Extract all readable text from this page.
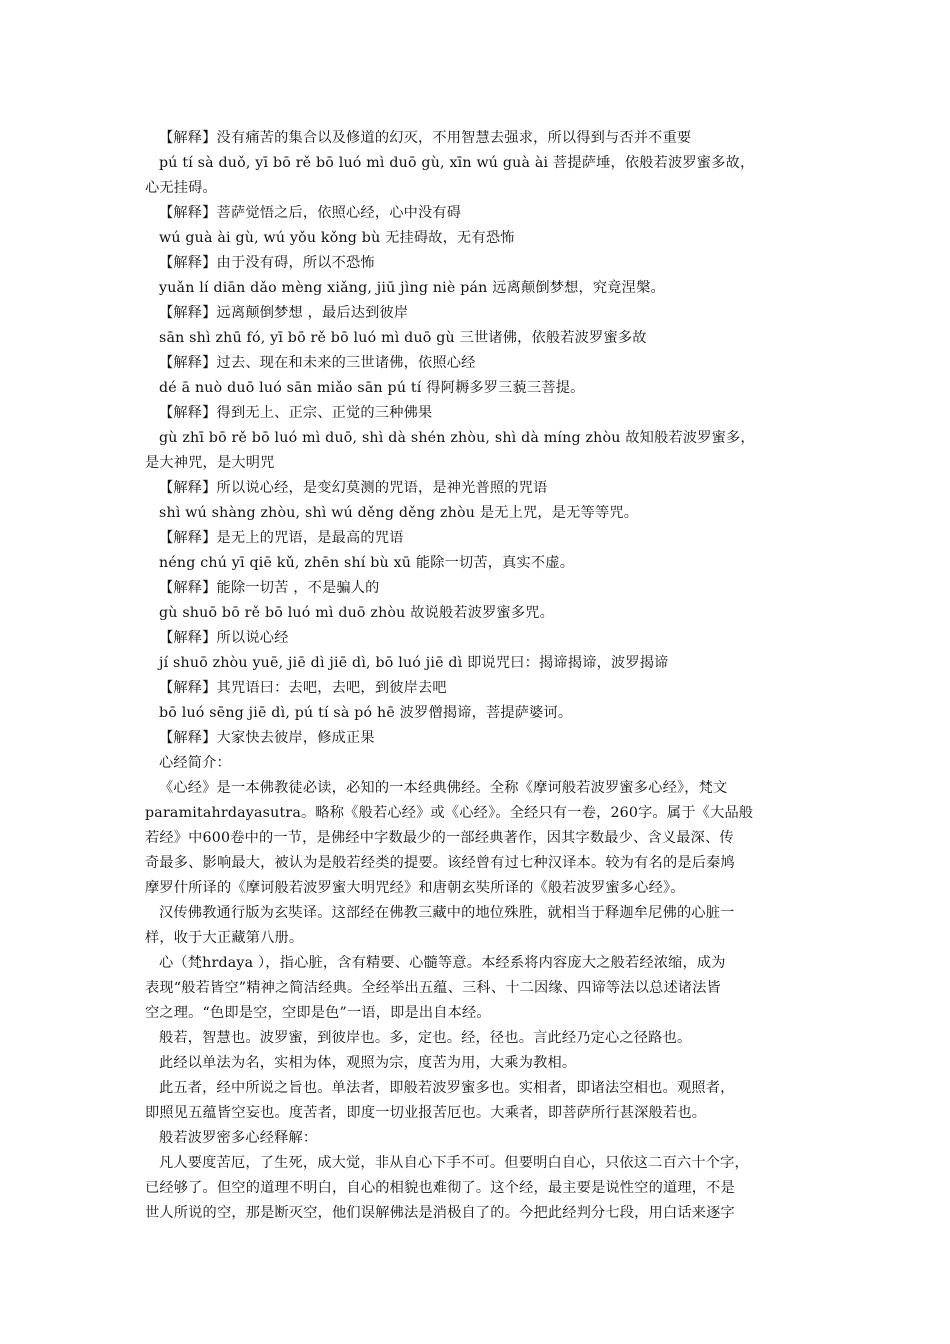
【解释】没有痛苦的集合以及修道的幻灭，不用智慧去强求，所以得到与否并不重要
pú tí sà duǒ, yī bō rě bō luó mì duō gù, xīn wú guà ài 菩提萨埵，依般若波罗蜜多故，
心无挂碍。
【解释】菩萨觉悟之后，依照心经，心中没有碍
wú guà ài gù, wú yǒu kǒng bù 无挂碍故，无有恐怖
【解释】由于没有碍，所以不恐怖
yuǎn lí diān dǎo mèng xiǎng, jiū jìng niè pán 远离颠倒梦想，究竟涅槃。
【解释】远离颠倒梦想 ，最后达到彼岸
sān shì zhū fó, yī bō rě bō luó mì duō gù 三世诸佛，依般若波罗蜜多故
【解释】过去、现在和未来的三世诸佛，依照心经
dé ā nuò duō luó sān miǎo sān pú tí 得阿耨多罗三藐三菩提。
【解释】得到无上、正宗、正觉的三种佛果
gù zhī bō rě bō luó mì duō, shì dà shén zhòu, shì dà míng zhòu 故知般若波罗蜜多，
是大神咒，是大明咒
【解释】所以说心经，是变幻莫测的咒语，是神光普照的咒语
shì wú shàng zhòu, shì wú děng děng zhòu 是无上咒，是无等等咒。
【解释】是无上的咒语，是最高的咒语
néng chú yī qiē kǔ, zhēn shí bù xū 能除一切苦，真实不虚。
【解释】能除一切苦 ，不是骗人的
gù shuō bō rě bō luó mì duō zhòu 故说般若波罗蜜多咒。
【解释】所以说心经
jí shuō zhòu yuē, jiē dì jiē dì, bō luó jiē dì 即说咒曰：揭谛揭谛，波罗揭谛
【解释】其咒语曰：去吧，去吧，到彼岸去吧
bō luó sēng jiē dì, pú tí sà pó hē 波罗僧揭谛，菩提萨婆诃。
【解释】大家快去彼岸，修成正果
心经简介：
《心经》是一本佛教徒必读，必知的一本经典佛经。全称《摩诃般若波罗蜜多心经》，梵文
paramitahrdayasutra。略称《般若心经》或《心经》。全经只有一卷，260字。属于《大品般
若经》中600卷中的一节，是佛经中字数最少的一部经典著作，因其字数最少、含义最深、传
奇最多、影响最大，被认为是般若经类的提要。该经曾有过七种汉译本。较为有名的是后秦鸠
摩罗什所译的《摩诃般若波罗蜜大明咒经》和唐朝玄奘所译的《般若波罗蜜多心经》。
汉传佛教通行版为玄奘译。这部经在佛教三藏中的地位殊胜，就相当于释迦牟尼佛的心脏一
样，收于大正藏第八册。
心（梵hrdaya ），指心脏，含有精要、心髓等意。本经系将内容庞大之般若经浓缩，成为
表现“般若皆空”精神之简洁经典。全经举出五蕴、三科、十二因缘、四谛等法以总述诸法皆
空之理。“色即是空，空即是色”一语，即是出自本经。
般若，智慧也。波罗蜜，到彼岸也。多，定也。经，径也。言此经乃定心之径路也。
此经以单法为名，实相为体，观照为宗，度苦为用，大乘为教相。
此五者，经中所说之旨也。单法者，即般若波罗蜜多也。实相者，即诸法空相也。观照者，
即照见五蕴皆空妄也。度苦者，即度一切业报苦厄也。大乘者，即菩萨所行甚深般若也。
般若波罗密多心经释解：
凡人要度苦厄，了生死，成大觉，非从自心下手不可。但要明白自心，只依这二百六十个字，
已经够了。但空的道理不明白，自心的相貌也难彻了。这个经，最主要是说性空的道理，不是
世人所说的空，那是断灭空，他们误解佛法是消极自了的。今把此经判分七段，用白话来逐字
